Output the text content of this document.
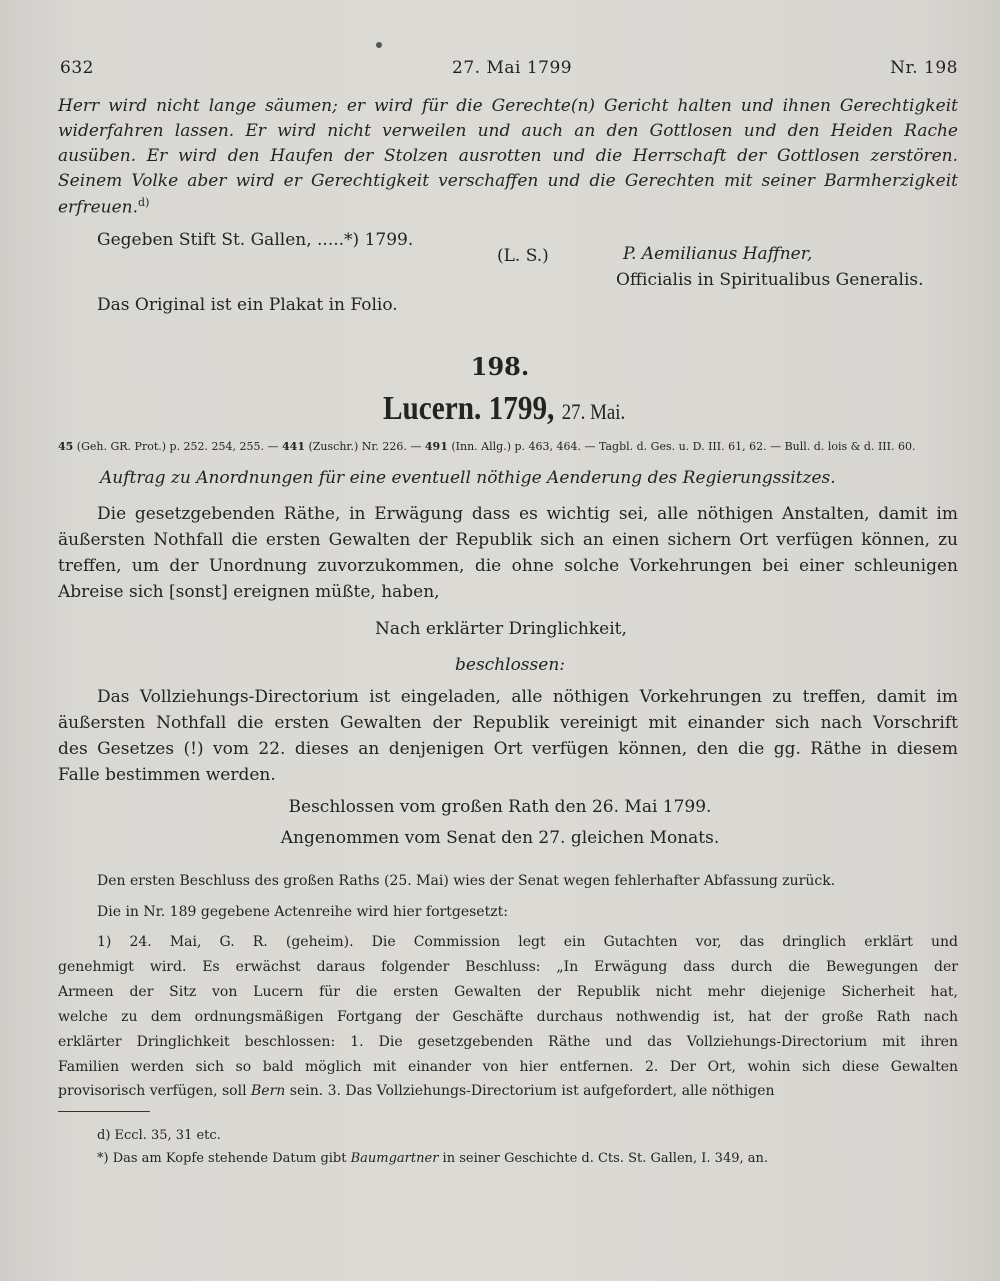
632	27. Mai 1799	Nr. 198
Herr wird nicht lange säumen; er wird für die Gerechte(n) Gericht halten und ihnen Gerechtigkeit
widerfahren lassen. Er wird nicht verweilen und auch an den Gottlosen und den Heiden Rache
ausüben. Er wird den Haufen der Stolzen ausrotten und die Herrschaft der Gottlosen zerstören.
Seinem Volke aber wird er Gerechtigkeit verschaffen und die Gerechten mit seiner Barmherzigkeit
erfreuen.$^{d)}$
Gegeben Stift St. Gallen, .....*) 1799.
(L. S.)	P. Aemilianus Haffner,
Officialis in Spiritualibus Generalis.
Das Original ist ein Plakat in Folio.
198.
Lucern. 1799, 27. Mai.
45 (Geh. GR. Prot.) p. 252. 254, 255. — 441 (Zuschr.) Nr. 226. — 491 (Inn. Allg.) p. 463, 464. — Tagbl. d. Ges. u. D. III. 61, 62. — Bull. d. lois & d. III. 60.
Auftrag zu Anordnungen für eine eventuell nöthige Aenderung des Regierungssitzes.
Die gesetzgebenden Räthe, in Erwägung dass es wichtig sei, alle nöthigen Anstalten, damit im
äußersten Nothfall die ersten Gewalten der Republik sich an einen sichern Ort verfügen können, zu
treffen, um der Unordnung zuvorzukommen, die ohne solche Vorkehrungen bei einer schleunigen
Abreise sich [sonst] ereignen müßte, haben,
Nach erklärter Dringlichkeit,
beschlossen:
Das Vollziehungs-Directorium ist eingeladen, alle nöthigen Vorkehrungen zu treffen, damit im
äußersten Nothfall die ersten Gewalten der Republik vereinigt mit einander sich nach Vorschrift
des Gesetzes (!) vom 22. dieses an denjenigen Ort verfügen können, den die gg. Räthe in diesem
Falle bestimmen werden.
Beschlossen vom großen Rath den 26. Mai 1799.
Angenommen vom Senat den 27. gleichen Monats.
Den ersten Beschluss des großen Raths (25. Mai) wies der Senat wegen fehlerhafter Abfassung zurück.
Die in Nr. 189 gegebene Actenreihe wird hier fortgesetzt:
1) 24. Mai, G. R. (geheim). Die Commission legt ein Gutachten vor, das dringlich erklärt und
genehmigt wird. Es erwächst daraus folgender Beschluss: „In Erwägung dass durch die Bewegungen der
Armeen der Sitz von Lucern für die ersten Gewalten der Republik nicht mehr diejenige Sicherheit hat,
welche zu dem ordnungsmäßigen Fortgang der Geschäfte durchaus nothwendig ist, hat der große Rath nach
erklärter Dringlichkeit beschlossen: 1. Die gesetzgebenden Räthe und das Vollziehungs-Directorium mit ihren
Familien werden sich so bald möglich mit einander von hier entfernen. 2. Der Ort, wohin sich diese Gewalten
provisorisch verfügen, soll Bern sein. 3. Das Vollziehungs-Directorium ist aufgefordert, alle nöthigen
d) Eccl. 35, 31 etc.
*) Das am Kopfe stehende Datum gibt Baumgartner in seiner Geschichte d. Cts. St. Gallen, I. 349, an.
